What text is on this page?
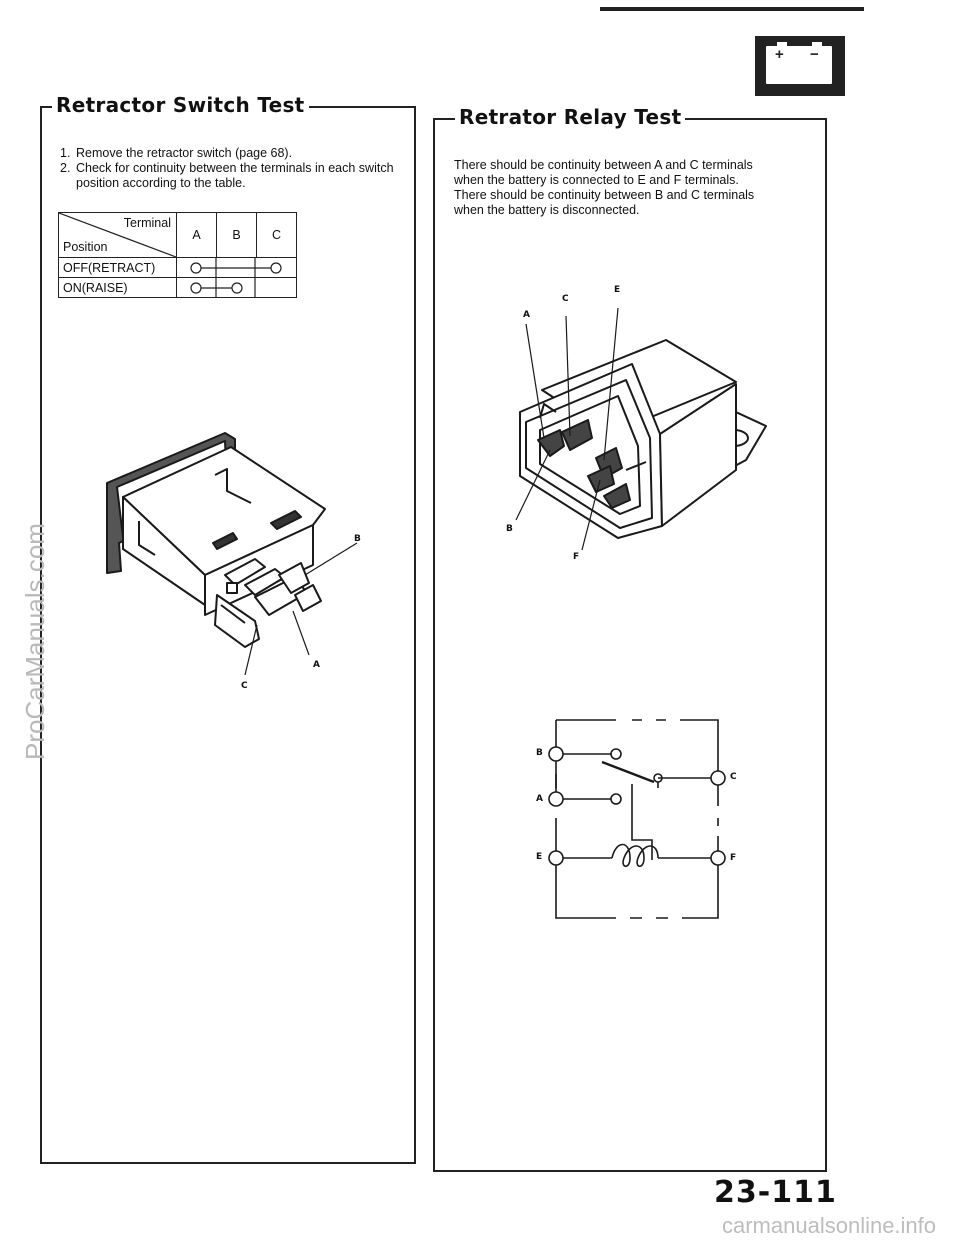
+ −
Retractor Switch Test
1. Remove the retractor switch (page 68).
2. Check for continuity between the terminals in each switch position according to the table.
Terminal
Position	A	B	C
OFF(RETRACT)	

ON(RAISE)	
B
A
C
Retrator Relay Test
There should be continuity between A and C terminals
when the battery is connected to E and F terminals.
There should be continuity between B and C terminals
when the battery is disconnected.
C
E
A
B
F
B
A
E
C
F
ProCarManuals.com
23-111
carmanualsonline.info
